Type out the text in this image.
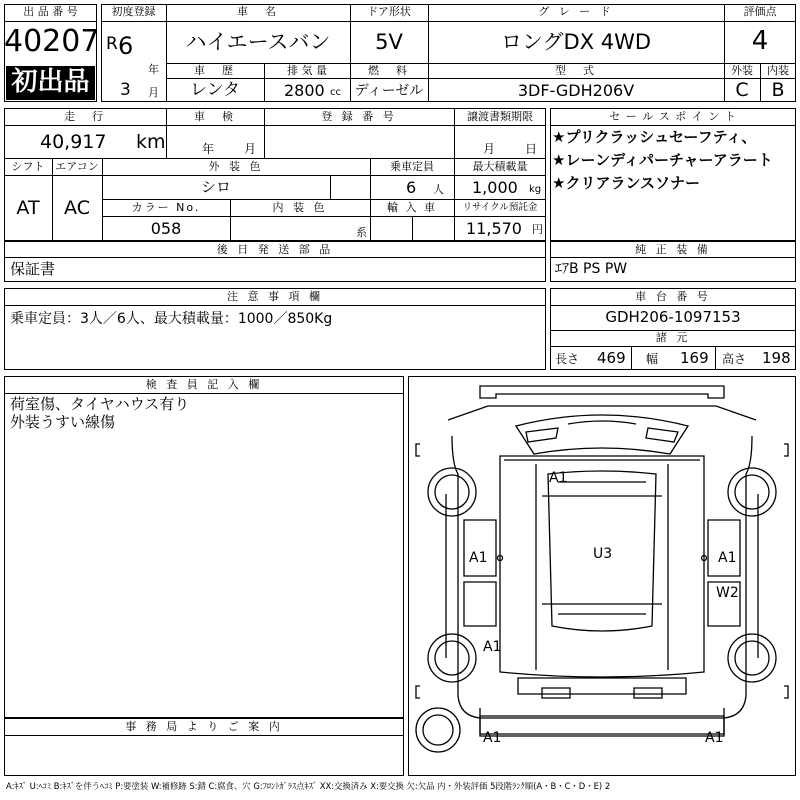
出 品 番 号
40207
初出品
初度登録
R 6
年
3 月
車　名
ハイエースバン
ドア形状
5V
グ レ ー ド
ロングDX 4WD
評価点
4
車　歴
レンタ
排 気 量
2800 cc
燃　料
ディーゼル
型　式
3DF-GDH206V
外装
C
内装
B
走　行
40,917 km
車　検
年 月
登 録 番 号	譲渡書類期限
月 日
シフト
AT
エアコン
AC
外 装 色
シロ
乗車定員
6 人
最大積載量
1,000 kg
カラー No.
058
内 装 色
系
輸 入 車	リサイクル預託金
11,570 円
セ ー ル ス ポ イ ン ト
★プリクラッシュセーフティ、
★レーンディパーチャーアラート
★クリアランスソナー
後 日 発 送 部 品
保証書
純 正 装 備
ｴｱB PS PW
注 意 事 項 欄
乗車定員：3人／6人、最大積載量：1000／850Kg
車 台 番 号
GDH206-1097153
諸 元
長さ 469 幅 169 高さ 198
検 査 員 記 入 欄
荷室傷、タイヤハウス有り
外装うすい線傷
事 務 局 よ り ご 案 内
A1
A1	U3	A1
W2
A1
A1	A1
A:ｷｽﾞ U:ﾍｺﾐ B:ｷｽﾞを伴うﾍｺﾐ P:要塗装 W:補修跡 S:錆 C:腐食、穴 G:ﾌﾛﾝﾄｶﾞﾗｽ点ｷｽﾞ XX:交換済み X:要交換 欠:欠品 内・外装評価 5段階ﾗﾝｸ順(A・B・C・D・E) 2
